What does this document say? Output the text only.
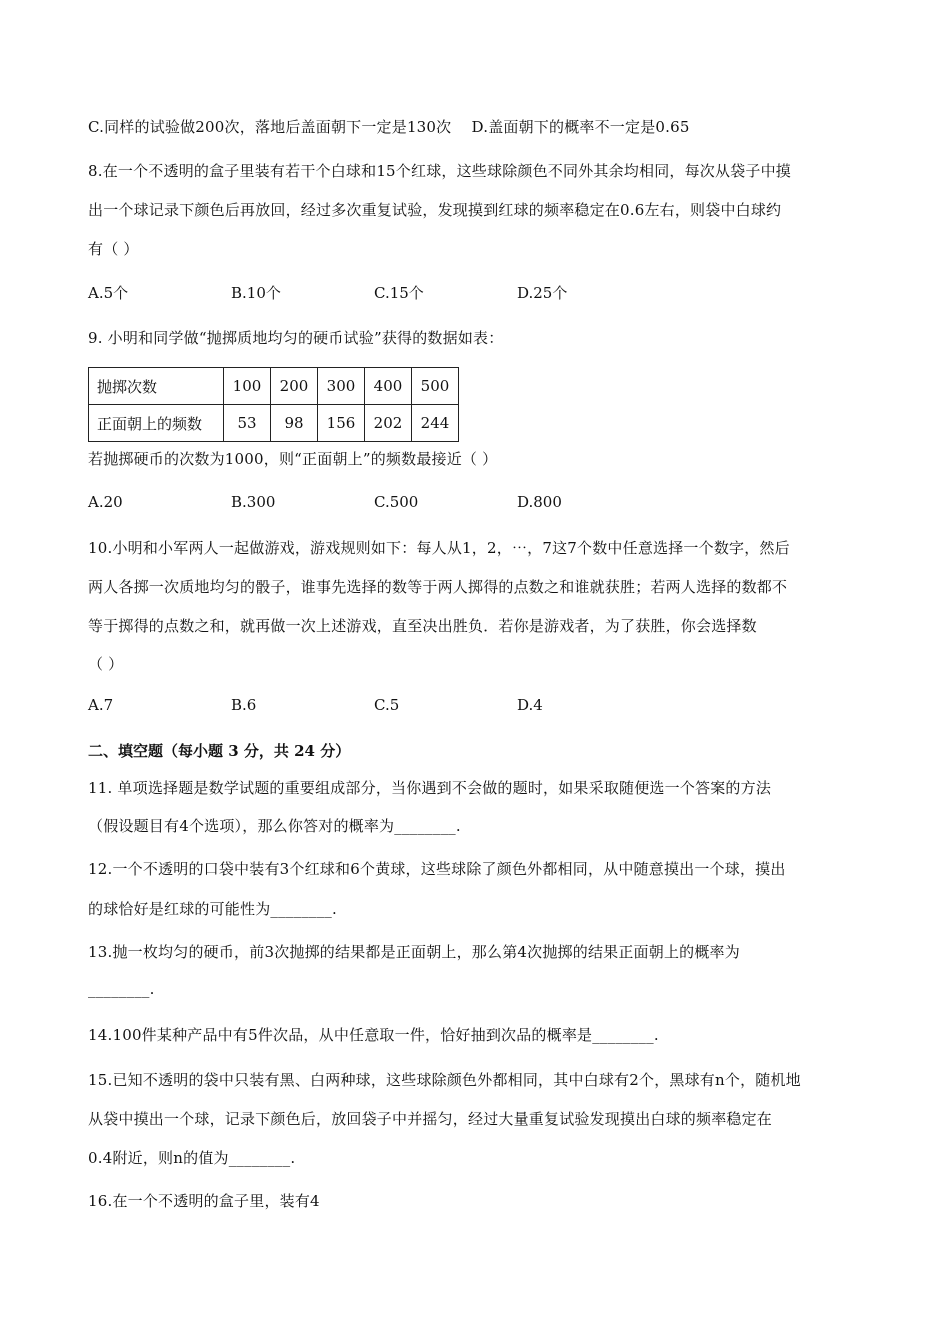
C.同样的试验做200次，落地后盖面朝下一定是130次　 D.盖面朝下的概率不一定是0.65
8.在一个不透明的盒子里装有若干个白球和15个红球，这些球除颜色不同外其余均相同，每次从袋子中摸
出一个球记录下颜色后再放回，经过多次重复试验，发现摸到红球的频率稳定在0.6左右，则袋中白球约
有（ ）
A.5个	B.10个	C.15个	D.25个
9. 小明和同学做“抛掷质地均匀的硬币试验”获得的数据如表：
抛掷次数	100	200	300	400	500
正面朝上的频数	53	98	156	202	244
若抛掷硬币的次数为1000，则“正面朝上”的频数最接近（ ）
A.20	B.300	C.500	D.800
10.小明和小军两人一起做游戏，游戏规则如下：每人从1，2，⋯，7这7个数中任意选择一个数字，然后
两人各掷一次质地均匀的骰子，谁事先选择的数等于两人掷得的点数之和谁就获胜；若两人选择的数都不
等于掷得的点数之和，就再做一次上述游戏，直至决出胜负．若你是游戏者，为了获胜，你会选择数
（ ）
A.7	B.6	C.5	D.4
二、填空题（每小题 3 分，共 24 分）
11. 单项选择题是数学试题的重要组成部分，当你遇到不会做的题时，如果采取随便选一个答案的方法
（假设题目有4个选项），那么你答对的概率为________.
12.一个不透明的口袋中装有3个红球和6个黄球，这些球除了颜色外都相同，从中随意摸出一个球，摸出
的球恰好是红球的可能性为________.
13.抛一枚均匀的硬币，前3次抛掷的结果都是正面朝上，那么第4次抛掷的结果正面朝上的概率为
________.
14.100件某种产品中有5件次品，从中任意取一件，恰好抽到次品的概率是________.
15.已知不透明的袋中只装有黑、白两种球，这些球除颜色外都相同，其中白球有2个，黑球有n个，随机地
从袋中摸出一个球，记录下颜色后，放回袋子中并摇匀，经过大量重复试验发现摸出白球的频率稳定在
0.4附近，则n的值为________.
16.在一个不透明的盒子里，装有4
